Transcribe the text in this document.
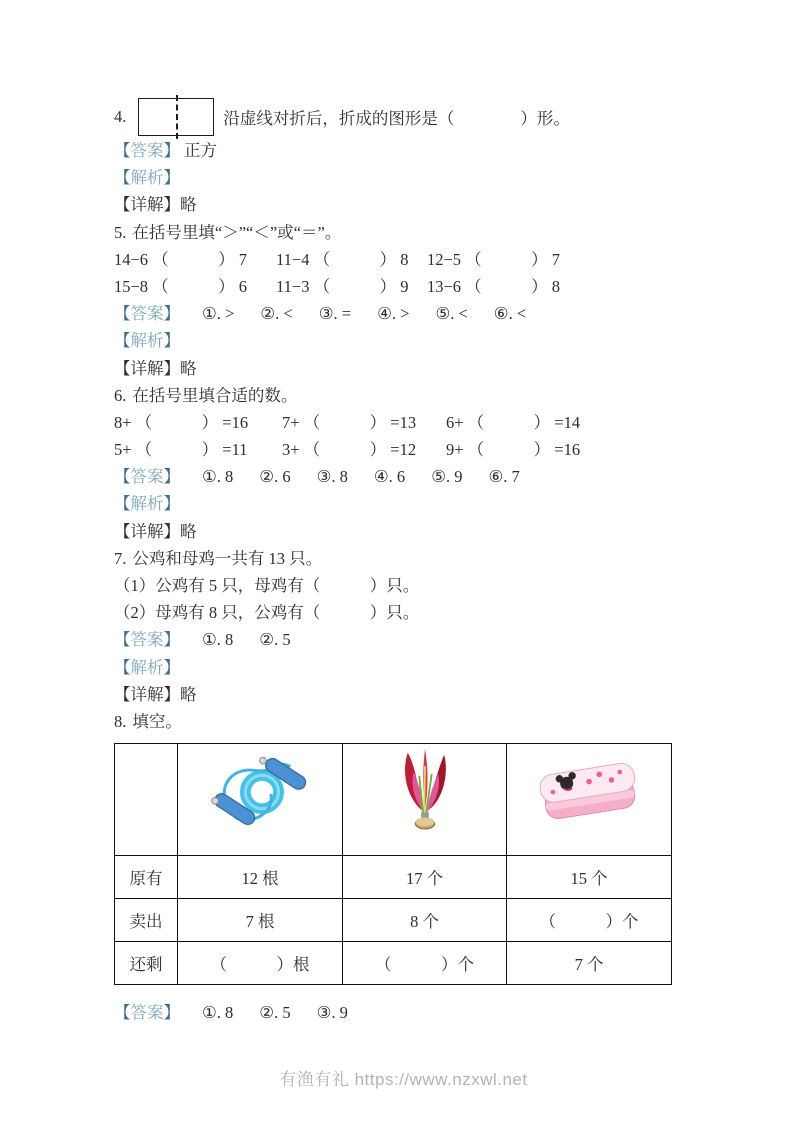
4.	沿虚线对折后，折成的图形是（　　　　）形。
【答案】 正方
【解析】
【详解】略
5. 在括号里填“＞”“＜”或“＝”。
14−6 （　　　） 7	11−4 （　　　） 8	12−5 （　　　） 7
15−8 （　　　） 6	11−3 （　　　） 9	13−6 （　　　） 8
【答案】 ①. > ②. < ③. = ④. > ⑤. < ⑥. <
【解析】
【详解】略
6. 在括号里填合适的数。
8+ （　　　） =16	7+ （　　　） =13	6+ （　　　） =14
5+ （　　　） =11	3+ （　　　） =12	9+ （　　　） =16
【答案】 ①. 8 ②. 6 ③. 8 ④. 6 ⑤. 9 ⑥. 7
【解析】
【详解】略
7. 公鸡和母鸡一共有 13 只。
（1）公鸡有 5 只，母鸡有（　　　）只。
（2）母鸡有 8 只，公鸡有（　　　）只。
【答案】 ①. 8 ②. 5
【解析】
【详解】略
8. 填空。

原有	12 根	17 个	15 个
卖出	7 根	8 个	（　　　）个
还剩	（　　　）根	（　　　）个	7 个
【答案】 ①. 8 ②. 5 ③. 9
有渔有礼 https://www.nzxwl.net
